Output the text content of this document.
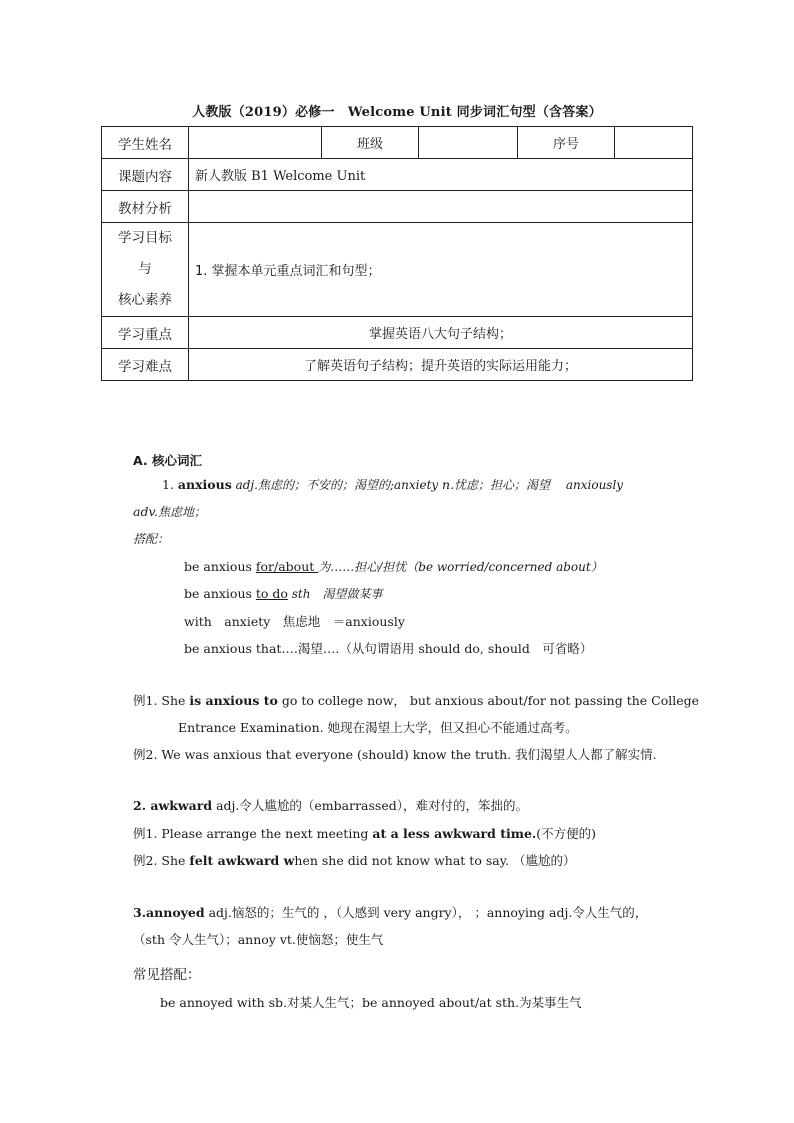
人教版（2019）必修一　Welcome Unit 同步词汇句型（含答案）
学生姓名		班级		序号	
课题内容	新人教版 B1 Welcome Unit				
教材分析					

学习目标
与
核心素养	1. 掌握本单元重点词汇和句型；				
学习重点	掌握英语八大句子结构；				
学习难点	了解英语句子结构；提升英语的实际运用能力；				
A. 核心词汇
1. anxious adj.焦虑的；不安的；渴望的;anxiety n.忧虑；担心；渴望　 anxiously
adv.焦虑地；
搭配：
be anxious for/about 为……担心/担忧（be worried/concerned about）
be anxious to do sth　渴望做某事
with　anxiety　焦虑地　＝anxiously
be anxious that….渴望….（从句谓语用 should do, should　可省略）
例1. She is anxious to go to college now， but anxious about/for not passing the College
Entrance Examination. 她现在渴望上大学，但又担心不能通过高考。
例2. We was anxious that everyone (should) know the truth. 我们渴望人人都了解实情.
2. awkward adj.令人尴尬的（embarrassed），难对付的，笨拙的。
例1. Please arrange the next meeting at a less awkward time.(不方便的)
例2. She felt awkward when she did not know what to say. （尴尬的）
3.annoyed adj.恼怒的；生气的 ，（人感到 very angry）， ；annoying adj.令人生气的，
（sth 令人生气）；annoy vt.使恼怒；使生气
常见搭配：
be annoyed with sb.对某人生气；be annoyed about/at sth.为某事生气
